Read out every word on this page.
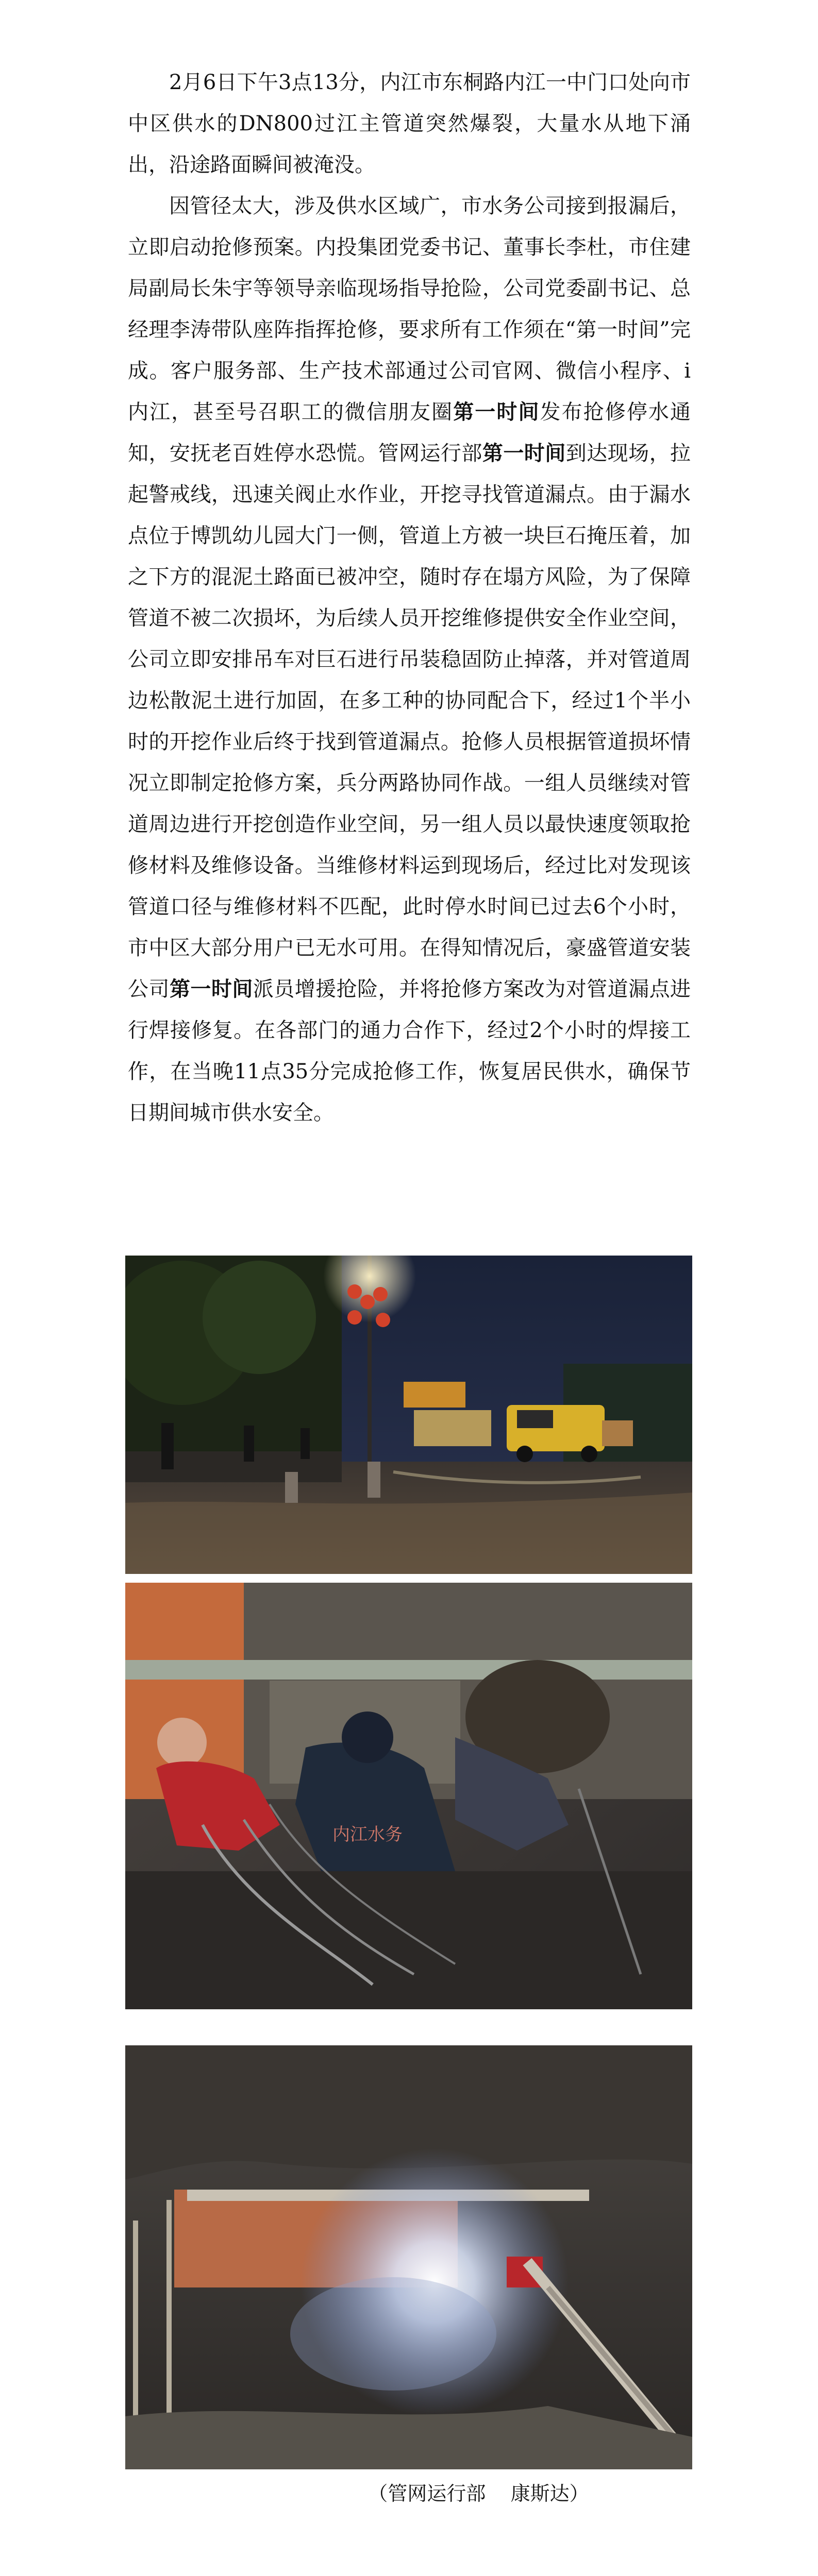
2月6日下午3点13分，内江市东桐路内江一中门口处向市中区供水的DN800过江主管道突然爆裂，大量水从地下涌出，沿途路面瞬间被淹没。

因管径太大，涉及供水区域广，市水务公司接到报漏后，立即启动抢修预案。内投集团党委书记、董事长李杜，市住建局副局长朱宇等领导亲临现场指导抢险，公司党委副书记、总经理李涛带队座阵指挥抢修，要求所有工作须在“第一时间”完成。客户服务部、生产技术部通过公司官网、微信小程序、i内江，甚至号召职工的微信朋友圈第一时间发布抢修停水通知，安抚老百姓停水恐慌。管网运行部第一时间到达现场，拉起警戒线，迅速关阀止水作业，开挖寻找管道漏点。由于漏水点位于博凯幼儿园大门一侧，管道上方被一块巨石掩压着，加之下方的混泥土路面已被冲空，随时存在塌方风险，为了保障管道不被二次损坏，为后续人员开挖维修提供安全作业空间，公司立即安排吊车对巨石进行吊装稳固防止掉落，并对管道周边松散泥土进行加固，在多工种的协同配合下，经过1个半小时的开挖作业后终于找到管道漏点。抢修人员根据管道损坏情况立即制定抢修方案，兵分两路协同作战。一组人员继续对管道周边进行开挖创造作业空间，另一组人员以最快速度领取抢修材料及维修设备。当维修材料运到现场后，经过比对发现该管道口径与维修材料不匹配，此时停水时间已过去6个小时，市中区大部分用户已无水可用。在得知情况后，豪盛管道安装公司第一时间派员增援抢险，并将抢修方案改为对管道漏点进行焊接修复。在各部门的通力合作下，经过2个小时的焊接工作，在当晚11点35分完成抢修工作，恢复居民供水，确保节日期间城市供水安全。

内江水务
（管网运行部 康斯达）
